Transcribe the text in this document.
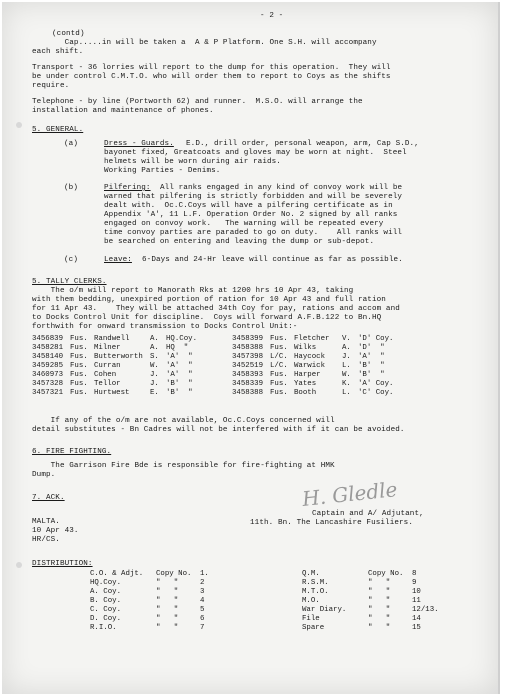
- 2 -
(contd)
Cap.....in will be taken a  A & P Platform. One S.H. will accompany
each shift.
Transport - 36 lorries will report to the dump for this operation.  They will
be under control C.M.T.O. who will order them to report to Coys as the shifts
require.
Telephone - by line (Portworth 62) and runner.  M.S.O. will arrange the
installation and maintenance of phones.
5. GENERAL.
(a)	Dress - Guards. E.D., drill order, personal weapon, arm, Cap S.D.,
bayonet fixed, Greatcoats and gloves may be worn at night.  Steel
helmets will be worn during air raids.
Working Parties - Denims.
(b)	Pilfering: All ranks engaged in any kind of convoy work will be
warned that pilfering is strictly forbidden and will be severely
dealt with.  Oc.C.Coys will have a pilfering certificate as in
Appendix 'A', 11 L.F. Operation Order No. 2 signed by all ranks
engaged on convoy work.   The warning will be repeated every
time convoy parties are paraded to go on duty.    All ranks will
be searched on entering and leaving the dump or sub-depot.
(c)	Leave: 6-Days and 24-Hr leave will continue as far as possible.
5. TALLY CLERKS.
The o/m will report to Manorath Rks at 1200 hrs 10 Apr 43, taking
with them bedding, unexpired portion of ration for 10 Apr 43 and full ration
for 11 Apr 43.    They will be attached 34th Coy for pay, rations and accom and
to Docks Control Unit for discipline.  Coys will forward A.F.B.122 to Bn.HQ
forthwith for onward transmission to Docks Control Unit:-
3456839	Fus.	Randwell	A.	HQ.Coy.	3458399	Fus.	Fletcher	V.	'D' Coy.
3458281	Fus.	Milner	A.	HQ  "	3458388	Fus.	Wilks	A.	'D'  "
3458140	Fus.	Butterworth	S.	'A'  "	3457398	L/C.	Haycock	J.	'A'  "
3459285	Fus.	Curran	W.	'A'  "	3452519	L/C.	Warwick	L.	'B'  "
3460973	Fus.	Cohen	J.	'A'  "	3458393	Fus.	Harper	W.	'B'  "
3457328	Fus.	Tellor	J.	'B'  "	3458339	Fus.	Yates	K.	'A' Coy.
3457321	Fus.	Hurtwest	E.	'B'  "	3458388	Fus.	Booth	L.	'C' Coy.
If any of the o/m are not available, Oc.C.Coys concerned will
detail substitutes - Bn Cadres will not be interfered with if it can be avoided.
6. FIRE FIGHTING.
The Garrison Fire Bde is responsible for fire-fighting at HMK
Dump.
7. ACK.	H. Gledle
Captain and A/ Adjutant,
11th. Bn. The Lancashire Fusiliers.
MALTA.
10 Apr 43.
HR/CS.
DISTRIBUTION:
C.O. & Adjt.	Copy No.	1.
HQ.Coy.	"   "	2
A. Coy.	"   "	3
B. Coy.	"   "	4
C. Coy.	"   "	5
D. Coy.	"   "	6
R.I.O.	"   "	7
Q.M.	Copy No.	8
R.S.M.	"   "	9
M.T.O.	"   "	10
M.O.	"   "	11
War Diary.	"   "	12/13.
File	"   "	14
Spare	"   "	15
